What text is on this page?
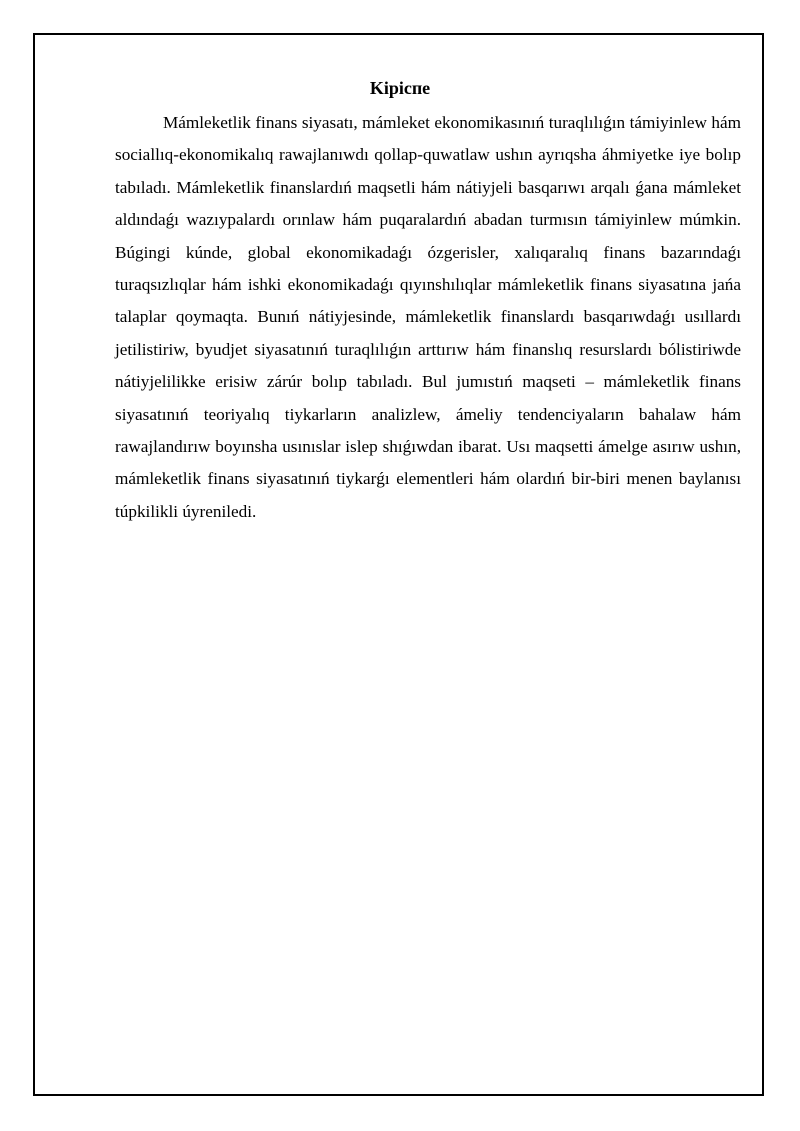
Kipicпe

Mámleketlik finans siyasatı, mámleket ekonomikasınıń turaqlılıǵın támiyinlew hám sociallıq-ekonomikalıq rawajlanıwdı qollap-quwatlaw ushın ayrıqsha áhmiyetke iye bolıp tabıladı. Mámleketlik finanslardıń maqsetli hám nátiyjeli basqarıwı arqalı ǵana mámleket aldındaǵı wazıypalardı orınlaw hám puqaralardıń abadan turmısın támiyinlew múmkin. Búgingi kúnde, global ekonomikadaǵı ózgerisler, xalıqaralıq finans bazarındaǵı turaqsızlıqlar hám ishki ekonomikadaǵı qıyınshılıqlar mámleketlik finans siyasatına jańa talaplar qoymaqta. Bunıń nátiyjesinde, mámleketlik finanslardı basqarıwdaǵı usıllardı jetilistiriw, byudjet siyasatınıń turaqlılıǵın arttırıw hám finanslıq resurslardı bólistiriwde nátiyjelilikke erisiw zárúr bolıp tabıladı. Bul jumıstıń maqseti – mámleketlik finans siyasatınıń teoriyalıq tiykarların analizlew, ámeliy tendenciyaların bahalaw hám rawajlandırıw boyınsha usınıslar islep shıǵıwdan ibarat. Usı maqsetti ámelge asırıw ushın, mámleketlik finans siyasatınıń tiykarǵı elementleri hám olardıń bir-biri menen baylanısı túpkilikli úyreniledi.
